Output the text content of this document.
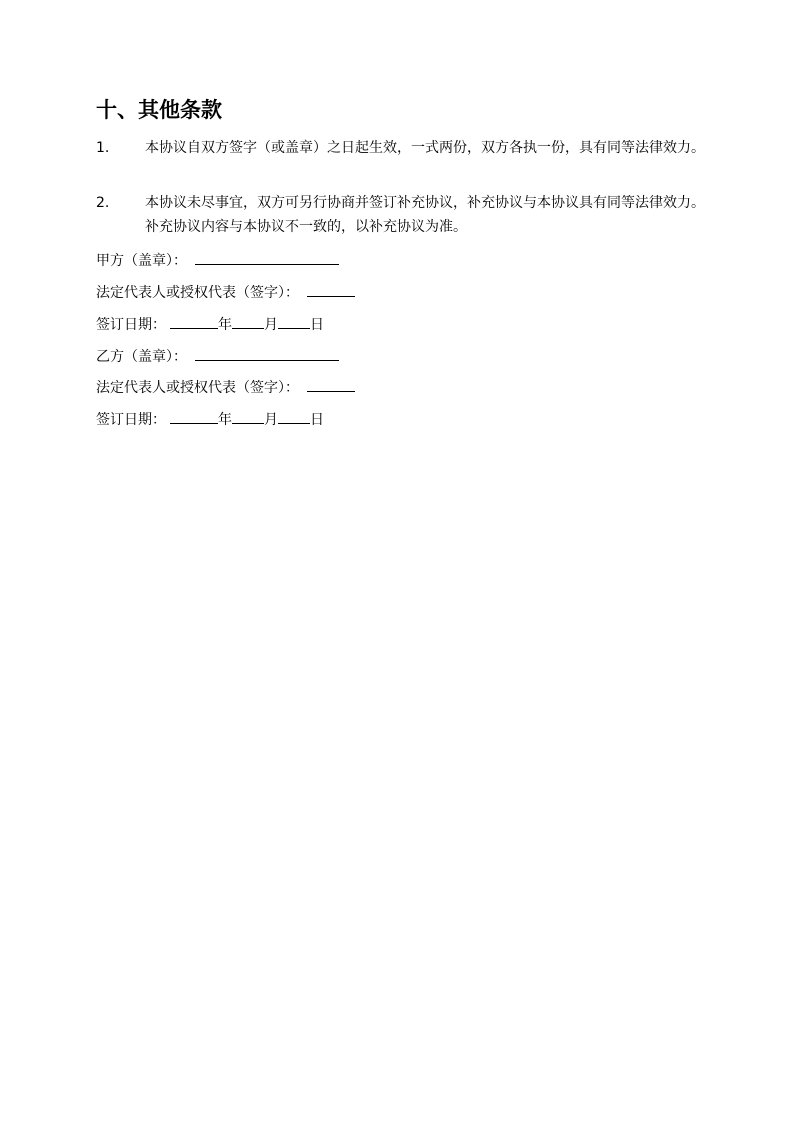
十、其他条款
1.	本协议自双方签字（或盖章）之日起生效，一式两份，双方各执一份，具有同等法律效力。
2.	本协议未尽事宜，双方可另行协商并签订补充协议，补充协议与本协议具有同等法律效力。补充协议内容与本协议不一致的，以补充协议为准。
甲方（盖章）：
法定代表人或授权代表（签字）：
签订日期：	年 月 日
乙方（盖章）：
法定代表人或授权代表（签字）：
签订日期：	年 月 日
